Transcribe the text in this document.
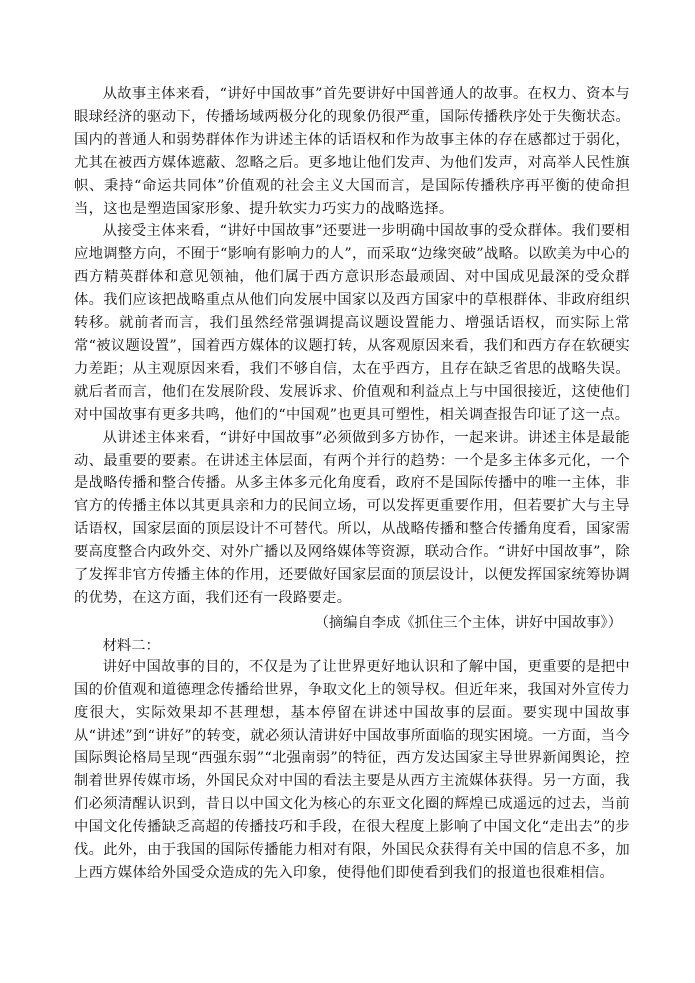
从故事主体来看，“讲好中国故事”首先要讲好中国普通人的故事。在权力、资本与眼球经济的驱动下，传播场域两极分化的现象仍很严重，国际传播秩序处于失衡状态。国内的普通人和弱势群体作为讲述主体的话语权和作为故事主体的存在感都过于弱化，尤其在被西方媒体遮蔽、忽略之后。更多地让他们发声、为他们发声，对高举人民性旗帜、秉持“命运共同体”价值观的社会主义大国而言，是国际传播秩序再平衡的使命担当，这也是塑造国家形象、提升软实力巧实力的战略选择。

从接受主体来看，“讲好中国故事”还要进一步明确中国故事的受众群体。我们要相应地调整方向，不囿于“影响有影响力的人”，而采取“边缘突破”战略。以欧美为中心的西方精英群体和意见领袖，他们属于西方意识形态最顽固、对中国成见最深的受众群体。我们应该把战略重点从他们向发展中国家以及西方国家中的草根群体、非政府组织转移。就前者而言，我们虽然经常强调提高议题设置能力、增强话语权，而实际上常常“被议题设置”，国着西方媒体的议题打转，从客观原因来看，我们和西方存在软硬实力差距；从主观原因来看，我们不够自信，太在乎西方，且存在缺乏省思的战略失误。就后者而言，他们在发展阶段、发展诉求、价值观和利益点上与中国很接近，这使他们对中国故事有更多共鸣，他们的“中国观”也更具可塑性，相关调查报告印证了这一点。

从讲述主体来看，“讲好中国故事”必须做到多方协作，一起来讲。讲述主体是最能动、最重要的要素。在讲述主体层面，有两个并行的趋势：一个是多主体多元化，一个是战略传播和整合传播。从多主体多元化角度看，政府不是国际传播中的唯一主体，非官方的传播主体以其更具亲和力的民间立场，可以发挥更重要作用，但若要扩大与主导话语权，国家层面的顶层设计不可替代。所以，从战略传播和整合传播角度看，国家需要高度整合内政外交、对外广播以及网络媒体等资源，联动合作。“讲好中国故事”，除了发挥非官方传播主体的作用，还要做好国家层面的顶层设计，以便发挥国家统筹协调的优势，在这方面，我们还有一段路要走。

（摘编自李成《抓住三个主体，讲好中国故事》）

材料二：

讲好中国故事的目的，不仅是为了让世界更好地认识和了解中国，更重要的是把中国的价值观和道德理念传播给世界，争取文化上的领导权。但近年来，我国对外宣传力度很大，实际效果却不甚理想，基本停留在讲述中国故事的层面。要实现中国故事从“讲述”到“讲好”的转变，就必须认清讲好中国故事所面临的现实困境。一方面，当今国际舆论格局呈现“西强东弱”“北强南弱”的特征，西方发达国家主导世界新闻舆论，控制着世界传媒市场，外国民众对中国的看法主要是从西方主流媒体获得。另一方面，我们必须清醒认识到，昔日以中国文化为核心的东亚文化圈的辉煌已成遥远的过去，当前中国文化传播缺乏高超的传播技巧和手段，在很大程度上影响了中国文化“走出去”的步伐。此外，由于我国的国际传播能力相对有限，外国民众获得有关中国的信息不多，加上西方媒体给外国受众造成的先入印象，使得他们即使看到我们的报道也很难相信。
